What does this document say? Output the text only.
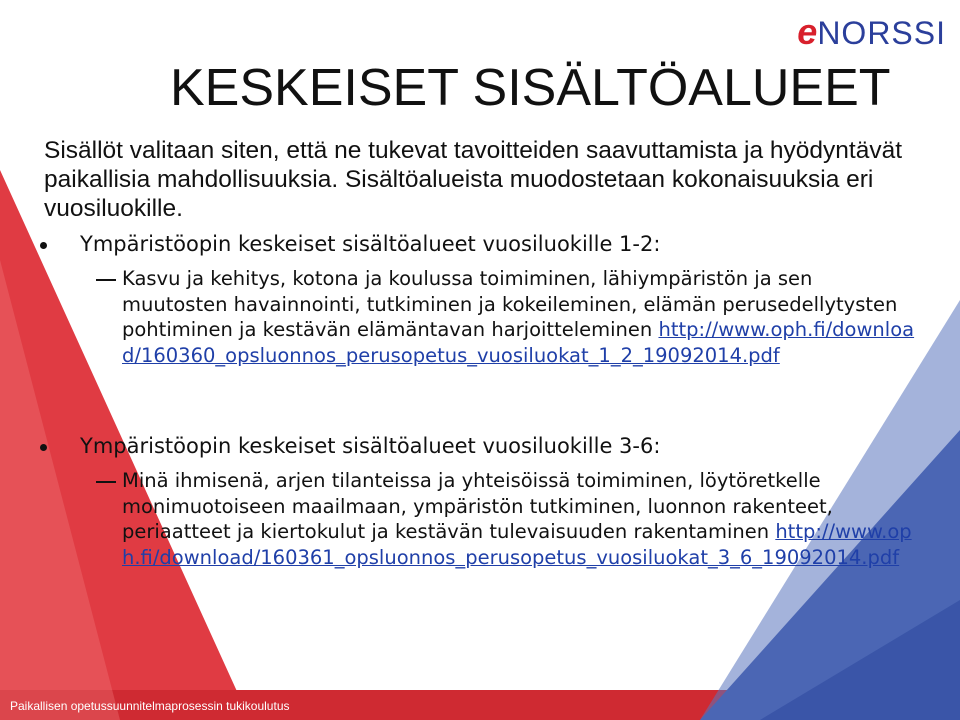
e NORSSI
KESKEISET SISÄLTÖALUEET

Sisällöt valitaan siten, että ne tukevat tavoitteiden saavuttamista ja hyödyntävät paikallisia mahdollisuuksia. Sisältöalueista muodostetaan kokonaisuuksia eri vuosiluokille.

Ympäristöopin keskeiset sisältöalueet vuosiluokille 1-2:
Kasvu ja kehitys, kotona ja koulussa toimiminen, lähiympäristön ja sen muutosten havainnointi, tutkiminen ja kokeileminen, elämän perusedellytysten pohtiminen ja kestävän elämäntavan harjoitteleminen http://www.oph.fi/download/160360_opsluonnos_perusopetus_vuosiluokat_1_2_19092014.pdf
Ympäristöopin keskeiset sisältöalueet vuosiluokille 3-6:
Minä ihmisenä, arjen tilanteissa ja yhteisöissä toimiminen, löytöretkelle monimuotoiseen maailmaan, ympäristön tutkiminen, luonnon rakenteet, periaatteet ja kiertokulut ja kestävän tulevaisuuden rakentaminen http://www.oph.fi/download/160361_opsluonnos_perusopetus_vuosiluokat_3_6_19092014.pdf
Paikallisen opetussuunnitelmaprosessin tukikoulutus
